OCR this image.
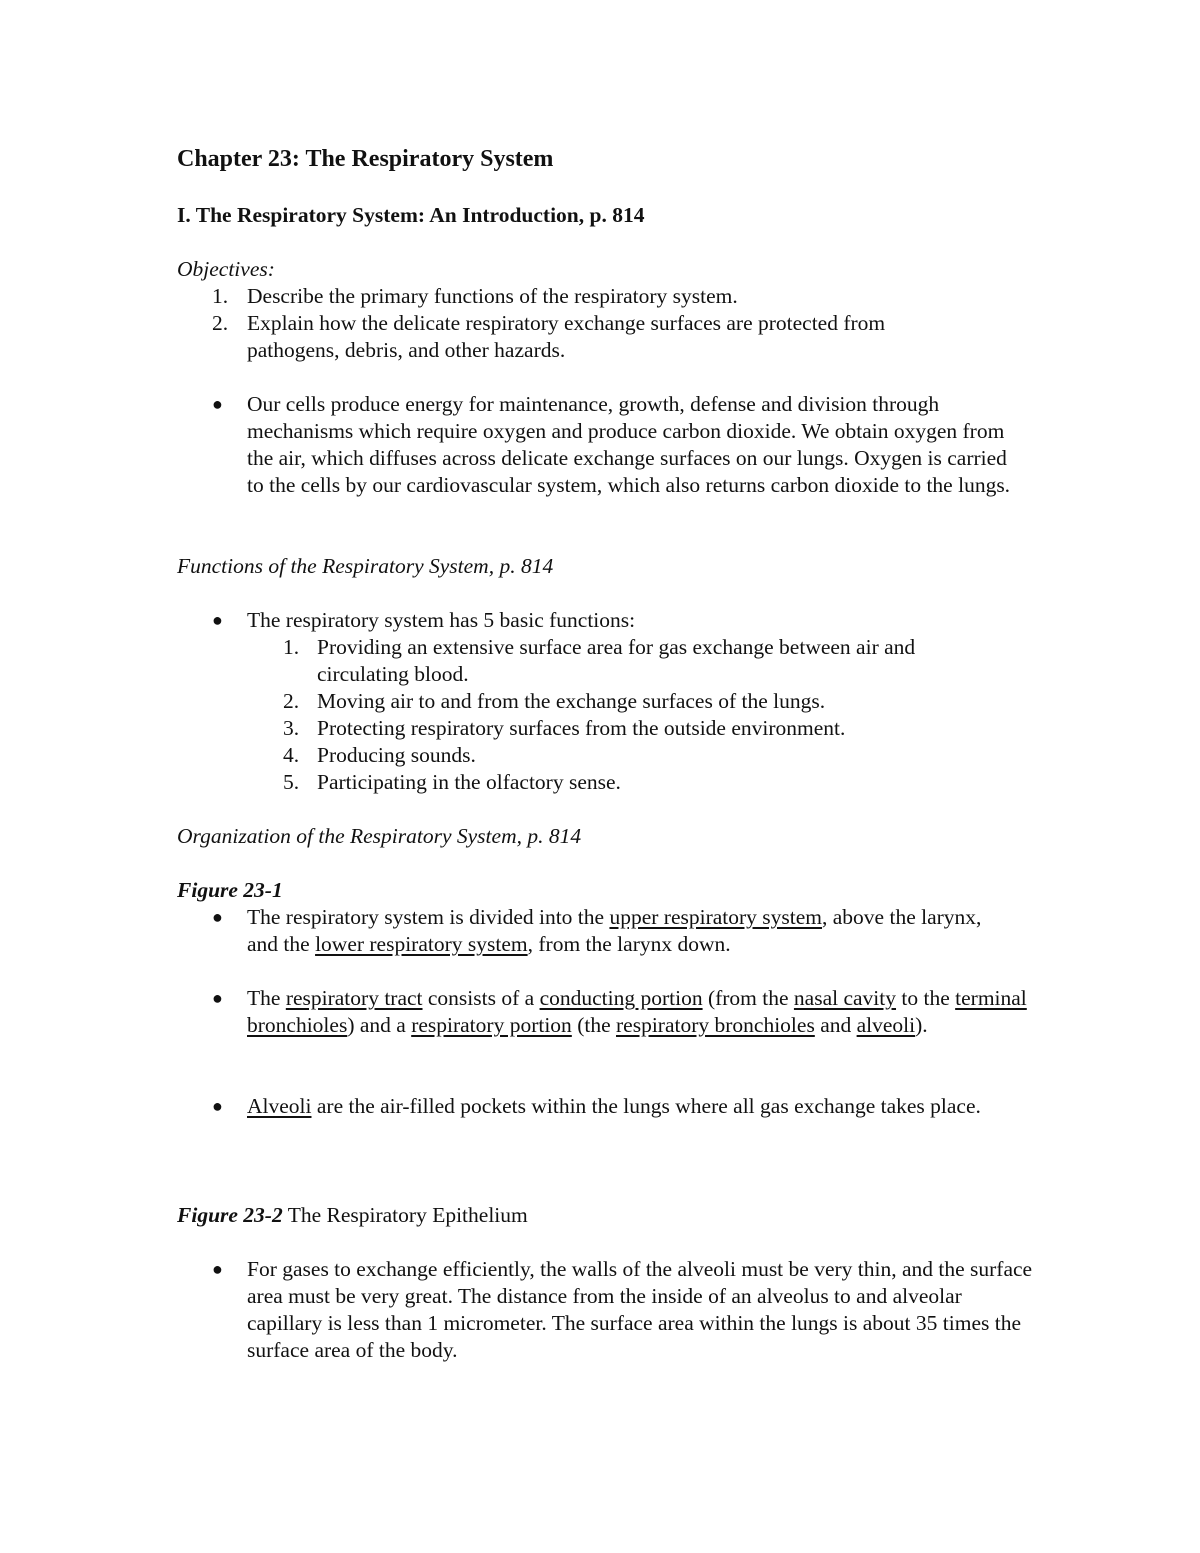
Chapter 23: The Respiratory System
I. The Respiratory System: An Introduction, p. 814
Objectives:
1. Describe the primary functions of the respiratory system.
2. Explain how the delicate respiratory exchange surfaces are protected from pathogens, debris, and other hazards.
● Our cells produce energy for maintenance, growth, defense and division through mechanisms which require oxygen and produce carbon dioxide. We obtain oxygen from the air, which diffuses across delicate exchange surfaces on our lungs. Oxygen is carried to the cells by our cardiovascular system, which also returns carbon dioxide to the lungs.
Functions of the Respiratory System, p. 814
● The respiratory system has 5 basic functions:
1. Providing an extensive surface area for gas exchange between air and circulating blood.
2. Moving air to and from the exchange surfaces of the lungs.
3. Protecting respiratory surfaces from the outside environment.
4. Producing sounds.
5. Participating in the olfactory sense.
Organization of the Respiratory System, p. 814
Figure 23-1
● The respiratory system is divided into the upper respiratory system, above the larynx, and the lower respiratory system, from the larynx down.
● The respiratory tract consists of a conducting portion (from the nasal cavity to the terminal bronchioles) and a respiratory portion (the respiratory bronchioles and alveoli).
● Alveoli are the air-filled pockets within the lungs where all gas exchange takes place.
Figure 23-2 The Respiratory Epithelium
● For gases to exchange efficiently, the walls of the alveoli must be very thin, and the surface area must be very great. The distance from the inside of an alveolus to and alveolar capillary is less than 1 micrometer. The surface area within the lungs is about 35 times the surface area of the body.
